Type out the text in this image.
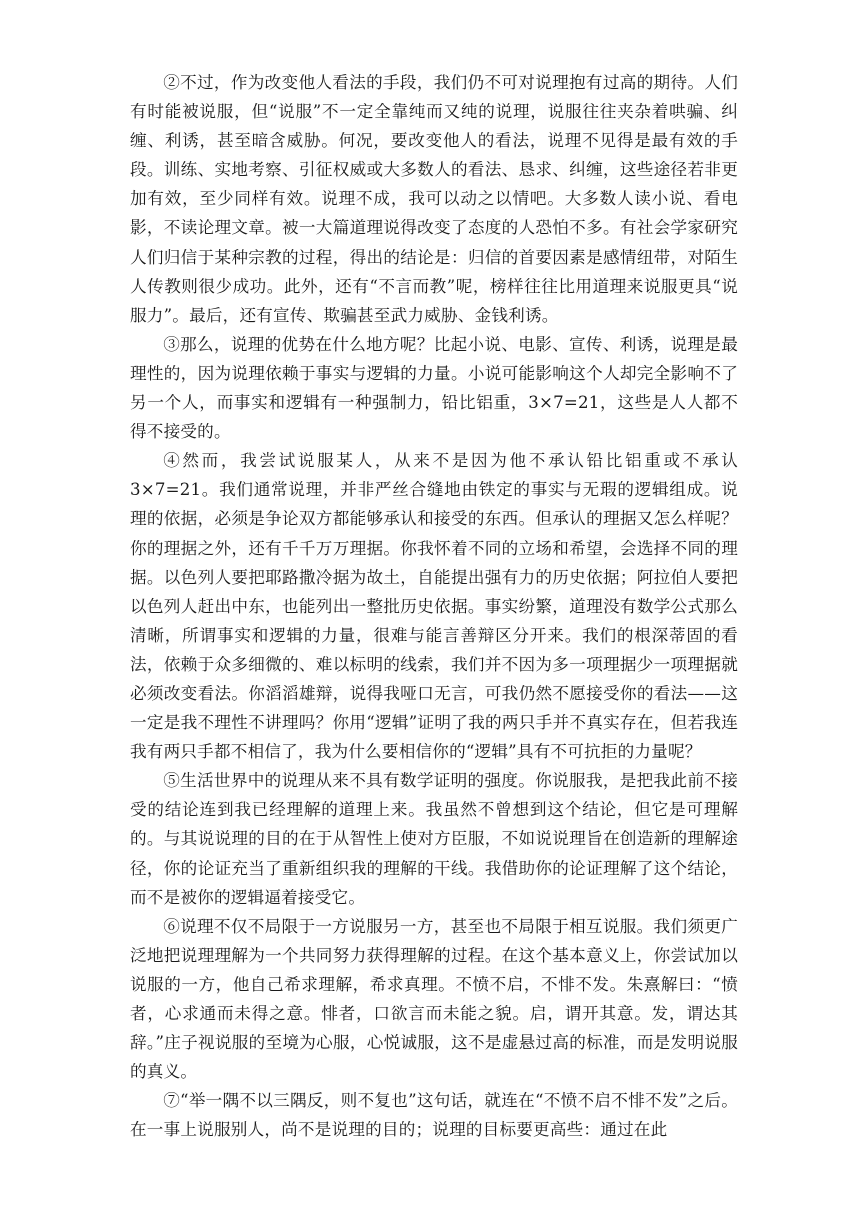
②不过，作为改变他人看法的手段，我们仍不可对说理抱有过高的期待。人们有时能被说服，但“说服”不一定全靠纯而又纯的说理，说服往往夹杂着哄骗、纠缠、利诱，甚至暗含威胁。何况，要改变他人的看法，说理不见得是最有效的手段。训练、实地考察、引征权威或大多数人的看法、恳求、纠缠，这些途径若非更加有效，至少同样有效。说理不成，我可以动之以情吧。大多数人读小说、看电影，不读论理文章。被一大篇道理说得改变了态度的人恐怕不多。有社会学家研究人们归信于某种宗教的过程，得出的结论是：归信的首要因素是感情纽带，对陌生人传教则很少成功。此外，还有“不言而教”呢，榜样往往比用道理来说服更具“说服力”。最后，还有宣传、欺骗甚至武力威胁、金钱利诱。

③那么，说理的优势在什么地方呢？比起小说、电影、宣传、利诱，说理是最理性的，因为说理依赖于事实与逻辑的力量。小说可能影响这个人却完全影响不了另一个人，而事实和逻辑有一种强制力，铅比铝重，3×7=21，这些是人人都不得不接受的。

④然而，我尝试说服某人，从来不是因为他不承认铅比铝重或不承认 3×7=21。我们通常说理，并非严丝合缝地由铁定的事实与无瑕的逻辑组成。说理的依据，必须是争论双方都能够承认和接受的东西。但承认的理据又怎么样呢？你的理据之外，还有千千万万理据。你我怀着不同的立场和希望，会选择不同的理据。以色列人要把耶路撒冷据为故土，自能提出强有力的历史依据；阿拉伯人要把以色列人赶出中东，也能列出一整批历史依据。事实纷繁，道理没有数学公式那么清晰，所谓事实和逻辑的力量，很难与能言善辩区分开来。我们的根深蒂固的看法，依赖于众多细微的、难以标明的线索，我们并不因为多一项理据少一项理据就必须改变看法。你滔滔雄辩，说得我哑口无言，可我仍然不愿接受你的看法——这一定是我不理性不讲理吗？你用“逻辑”证明了我的两只手并不真实存在，但若我连我有两只手都不相信了，我为什么要相信你的“逻辑”具有不可抗拒的力量呢？

⑤生活世界中的说理从来不具有数学证明的强度。你说服我，是把我此前不接受的结论连到我已经理解的道理上来。我虽然不曾想到这个结论，但它是可理解的。与其说说理的目的在于从智性上使对方臣服，不如说说理旨在创造新的理解途径，你的论证充当了重新组织我的理解的干线。我借助你的论证理解了这个结论，而不是被你的逻辑逼着接受它。

⑥说理不仅不局限于一方说服另一方，甚至也不局限于相互说服。我们须更广泛地把说理理解为一个共同努力获得理解的过程。在这个基本意义上，你尝试加以说服的一方，他自己希求理解，希求真理。不愤不启，不悱不发。朱熹解曰：“愤者，心求通而未得之意。悱者，口欲言而未能之貌。启，谓开其意。发，谓达其辞。”庄子视说服的至境为心服，心悦诚服，这不是虚悬过高的标准，而是发明说服的真义。

⑦“举一隅不以三隅反，则不复也”这句话，就连在“不愤不启不悱不发”之后。在一事上说服别人，尚不是说理的目的；说理的目标要更高些：通过在此
